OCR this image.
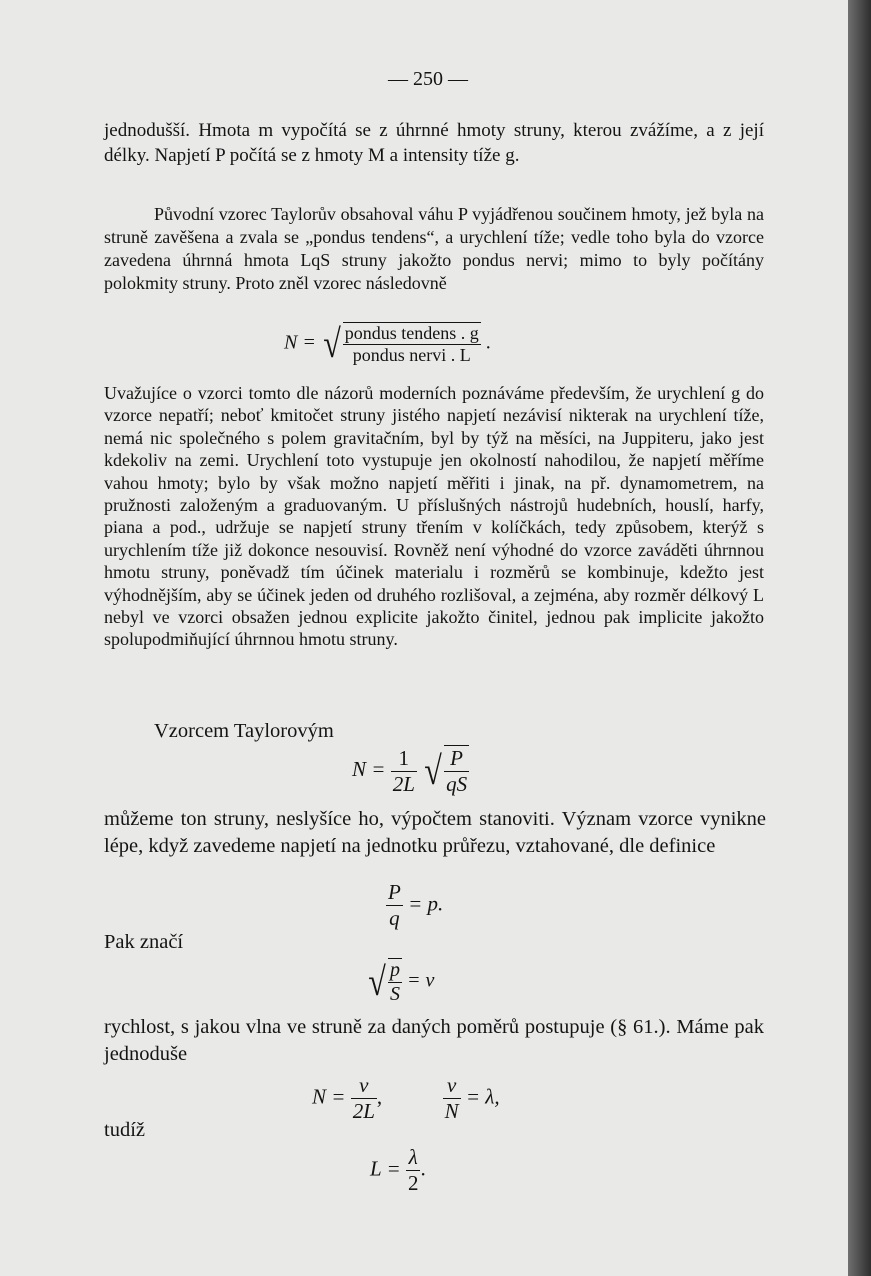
— 250 —
jednodušší. Hmota m vypočítá se z úhrnné hmoty struny, kterou zvážíme, a z její délky. Napjetí P počítá se z hmoty M a intensity tíže g.
Původní vzorec Taylorův obsahoval váhu P vyjádřenou součinem hmoty, jež byla na struně zavěšena a zvala se „pondus tendens“, a urychlení tíže; vedle toho byla do vzorce zavedena úhrnná hmota LqS struny jakožto pondus nervi; mimo to byly počítány polokmity struny. Proto zněl vzorec následovně
N = √ $\frac{\text{pondus tendens . g}}{\text{pondus nervi . L}}$ .
Uvažujíce o vzorci tomto dle názorů moderních poznáváme především, že urychlení g do vzorce nepatří; neboť kmitočet struny jistého napjetí nezávisí nikterak na urychlení tíže, nemá nic společného s polem gravitačním, byl by týž na měsíci, na Juppiteru, jako jest kdekoliv na zemi. Urychlení toto vystupuje jen okolností nahodilou, že napjetí měříme vahou hmoty; bylo by však možno napjetí měřiti i jinak, na př. dynamometrem, na pružnosti založeným a graduovaným. U příslušných nástrojů hudebních, houslí, harfy, piana a pod., udržuje se napjetí struny třením v kolíčkách, tedy způsobem, kterýž s urychlením tíže již dokonce nesouvisí. Rovněž není výhodné do vzorce zaváděti úhrnnou hmotu struny, poněvadž tím účinek materialu i rozměrů se kombinuje, kdežto jest výhodnějším, aby se účinek jeden od druhého rozlišoval, a zejména, aby rozměr délkový L nebyl ve vzorci obsažen jednou explicite jakožto činitel, jednou pak implicite jakožto spolupodmiňující úhrnnou hmotu struny.
Vzorcem Taylorovým
$N = \frac{1}{2L}$ √ $\frac{P}{qS}$
můžeme ton struny, neslyšíce ho, výpočtem stanoviti. Význam vzorce vynikne lépe, když zavedeme napjetí na jednotku průřezu, vztahované, dle definice
$\frac{P}{q} = p$.
Pak značí
√ $\frac{p}{S} = v$
rychlost, s jakou vlna ve struně za daných poměrů postupuje (§ 61.). Máme pak jednoduše
$N = \frac{v}{2L}$ ,	$\frac{v}{N} = \lambda$,
tudíž
$L = \frac{\lambda}{2}$ .
